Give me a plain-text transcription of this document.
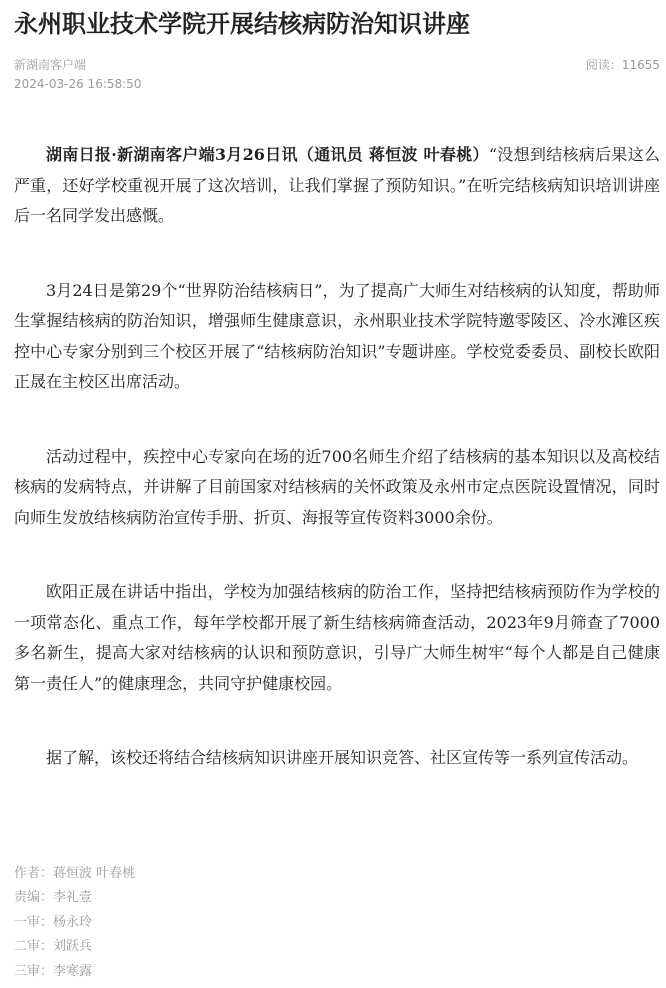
永州职业技术学院开展结核病防治知识讲座
新湖南客户端
2024-03-26 16:58:50
阅读：11655

湖南日报·新湖南客户端3月26日讯（通讯员 蒋恒波 叶春桃）“没想到结核病后果这么严重，还好学校重视开展了这次培训，让我们掌握了预防知识。”在听完结核病知识培训讲座后一名同学发出感慨。

3月24日是第29个“世界防治结核病日”，为了提高广大师生对结核病的认知度，帮助师生掌握结核病的防治知识，增强师生健康意识，永州职业技术学院特邀零陵区、冷水滩区疾控中心专家分别到三个校区开展了“结核病防治知识”专题讲座。学校党委委员、副校长欧阳正晟在主校区出席活动。

活动过程中，疾控中心专家向在场的近700名师生介绍了结核病的基本知识以及高校结核病的发病特点，并讲解了目前国家对结核病的关怀政策及永州市定点医院设置情况，同时向师生发放结核病防治宣传手册、折页、海报等宣传资料3000余份。

欧阳正晟在讲话中指出，学校为加强结核病的防治工作，坚持把结核病预防作为学校的一项常态化、重点工作，每年学校都开展了新生结核病筛查活动，2023年9月筛查了7000多名新生，提高大家对结核病的认识和预防意识，引导广大师生树牢“每个人都是自己健康第一责任人”的健康理念，共同守护健康校园。

据了解，该校还将结合结核病知识讲座开展知识竞答、社区宣传等一系列宣传活动。

作者：蒋恒波 叶春桃
责编：李礼壹
一审：杨永玲
二审：刘跃兵
三审：李寒露
